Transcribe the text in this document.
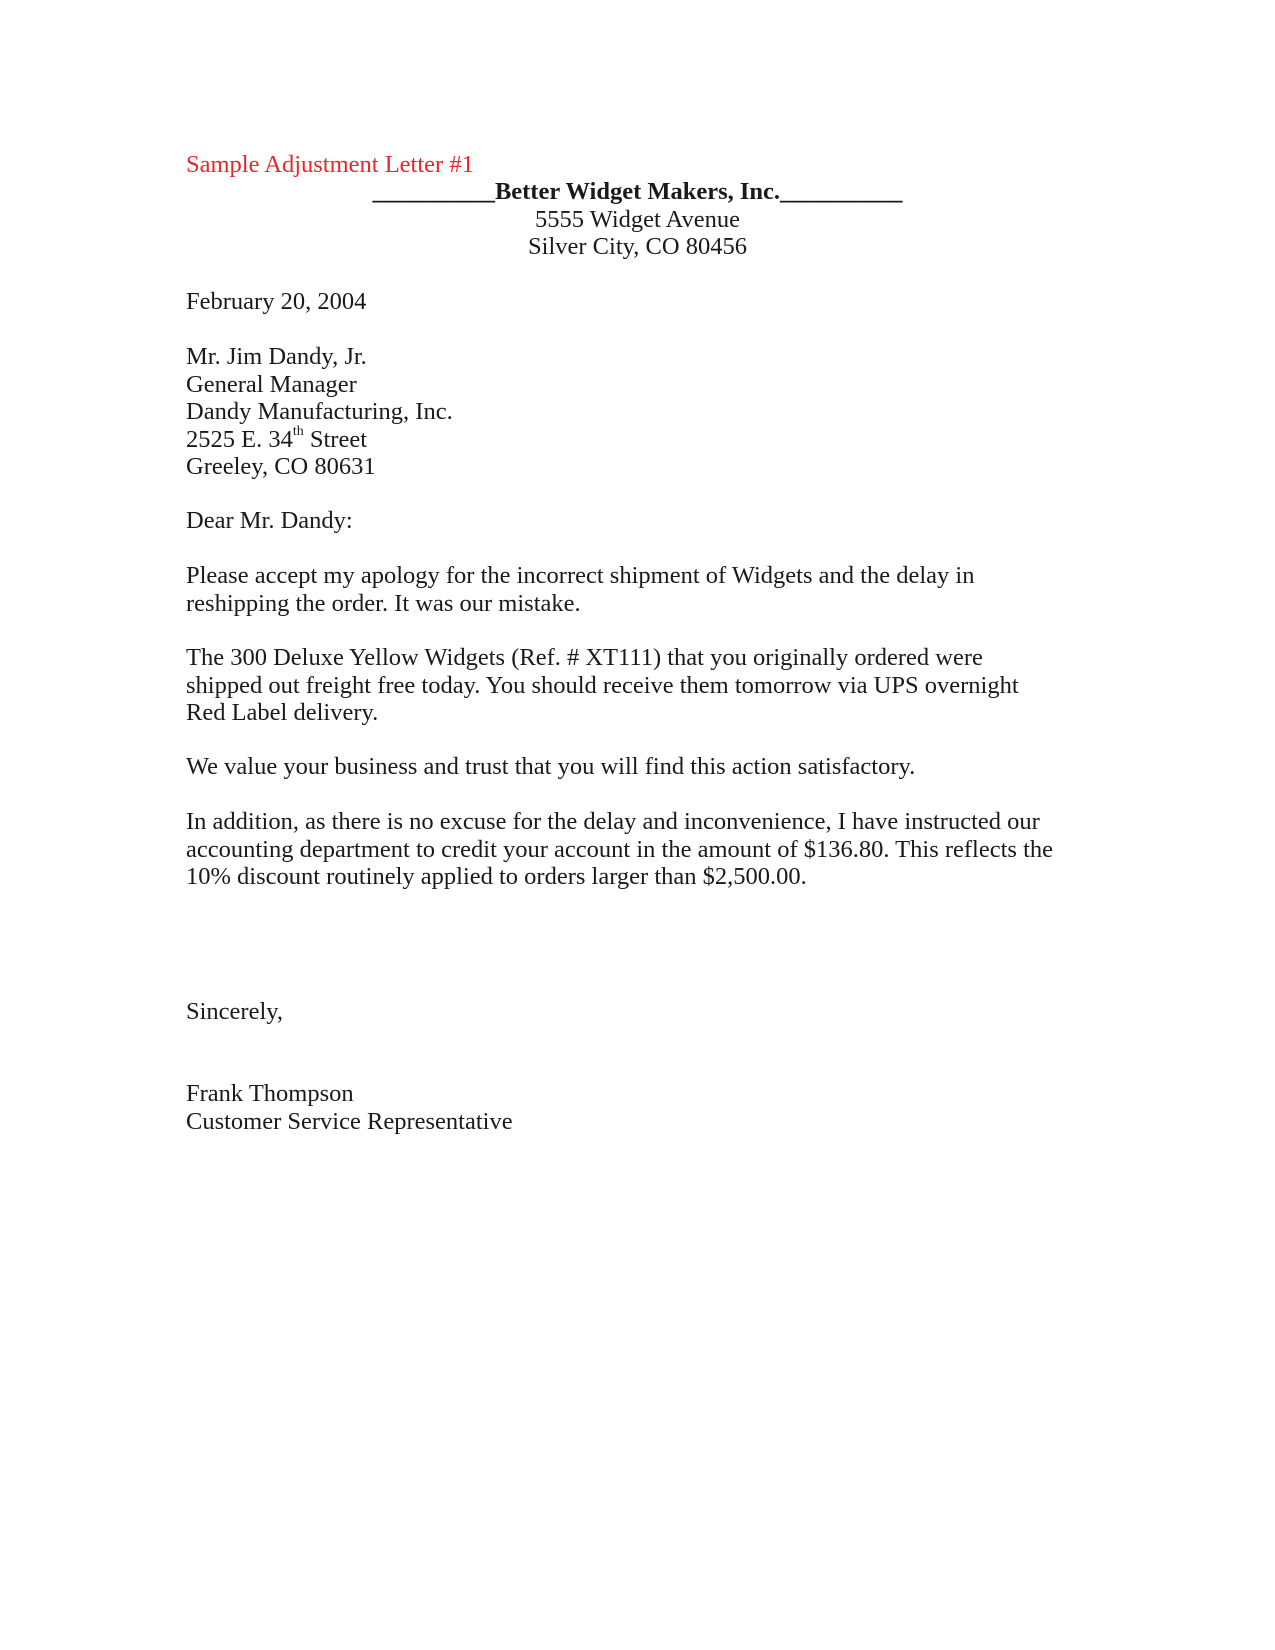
Sample Adjustment Letter #1
__________Better Widget Makers, Inc.__________
5555 Widget Avenue
Silver City, CO 80456
February 20, 2004
Mr. Jim Dandy, Jr.
General Manager
Dandy Manufacturing, Inc.
2525 E. 34th Street
Greeley, CO 80631
Dear Mr. Dandy:
Please accept my apology for the incorrect shipment of Widgets and the delay in
reshipping the order. It was our mistake.
The 300 Deluxe Yellow Widgets (Ref. # XT111) that you originally ordered were
shipped out freight free today. You should receive them tomorrow via UPS overnight
Red Label delivery.
We value your business and trust that you will find this action satisfactory.
In addition, as there is no excuse for the delay and inconvenience, I have instructed our
accounting department to credit your account in the amount of $136.80. This reflects the
10% discount routinely applied to orders larger than $2,500.00.
Sincerely,
Frank Thompson
Customer Service Representative
